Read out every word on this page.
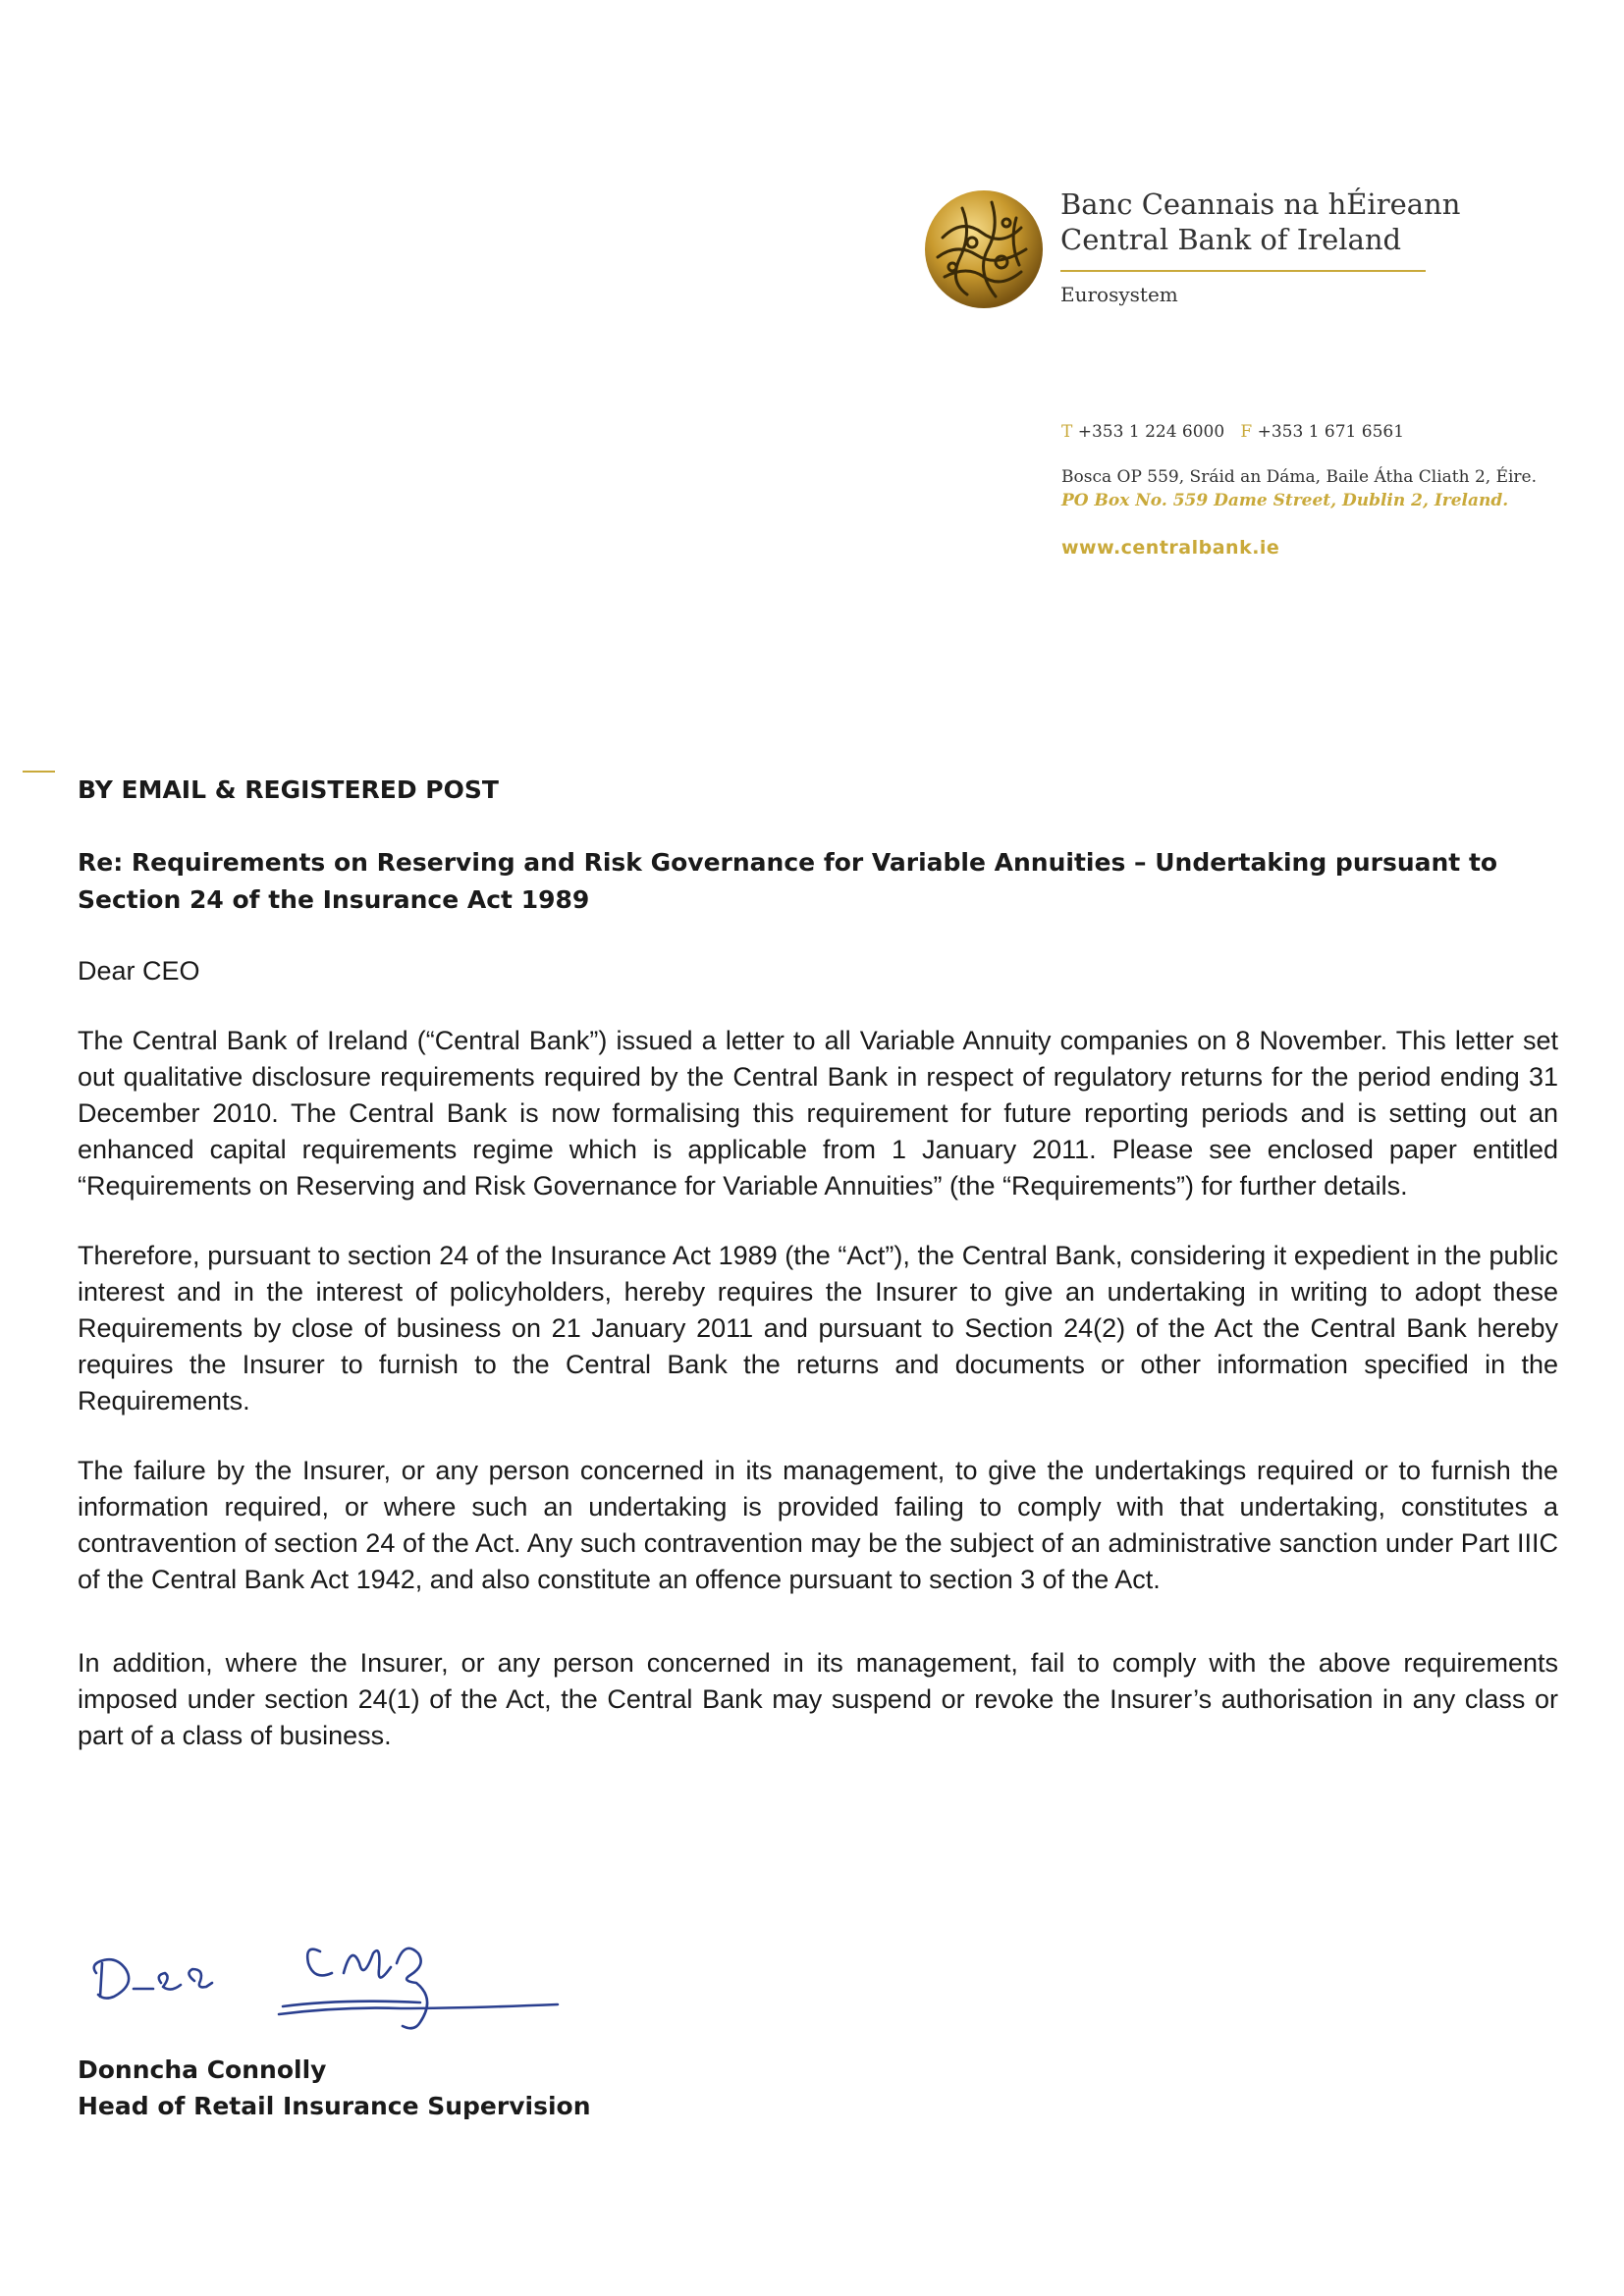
Banc Ceannais na hÉireann
Central Bank of Ireland
Eurosystem
T +353 1 224 6000 F +353 1 671 6561
Bosca OP 559, Sráid an Dáma, Baile Átha Cliath 2, Éire.
PO Box No. 559 Dame Street, Dublin 2, Ireland.
www.centralbank.ie

BY EMAIL & REGISTERED POST

Re: Requirements on Reserving and Risk Governance for Variable Annuities – Undertaking pursuant to Section 24 of the Insurance Act 1989

Dear CEO

The Central Bank of Ireland (“Central Bank”) issued a letter to all Variable Annuity companies on 8 November. This letter set out qualitative disclosure requirements required by the Central Bank in respect of regulatory returns for the period ending 31 December 2010. The Central Bank is now formalising this requirement for future reporting periods and is setting out an enhanced capital requirements regime which is applicable from 1 January 2011. Please see enclosed paper entitled “Requirements on Reserving and Risk Governance for Variable Annuities” (the “Requirements”) for further details.

Therefore, pursuant to section 24 of the Insurance Act 1989 (the “Act”), the Central Bank, considering it expedient in the public interest and in the interest of policyholders, hereby requires the Insurer to give an undertaking in writing to adopt these Requirements by close of business on 21 January 2011 and pursuant to Section 24(2) of the Act the Central Bank hereby requires the Insurer to furnish to the Central Bank the returns and documents or other information specified in the Requirements.

The failure by the Insurer, or any person concerned in its management, to give the undertakings required or to furnish the information required, or where such an undertaking is provided failing to comply with that undertaking, constitutes a contravention of section 24 of the Act. Any such contravention may be the subject of an administrative sanction under Part IIIC of the Central Bank Act 1942, and also constitute an offence pursuant to section 3 of the Act.

In addition, where the Insurer, or any person concerned in its management, fail to comply with the above requirements imposed under section 24(1) of the Act, the Central Bank may suspend or revoke the Insurer’s authorisation in any class or part of a class of business.

Donncha Connolly
Head of Retail Insurance Supervision
